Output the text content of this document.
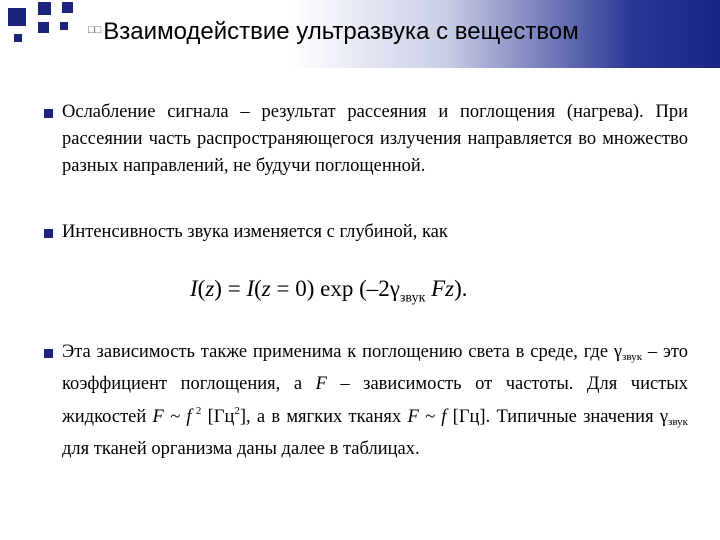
□□Взаимодействие ультразвука с веществом
Ослабление сигнала – результат рассеяния и поглощения (нагрева). При рассеянии часть распространяющегося излучения направляется во множество разных направлений, не будучи поглощенной.
Интенсивность звука изменяется с глубиной, как
I(z) = I(z = 0) $\exp (-2\gamma_{звук}$ Fz).
Эта зависимость также применима к поглощению света в среде, где $\gamma_{звук}$ – это коэффициент поглощения, а F – зависимость от частоты. Для чистых жидкостей F ~ f $^2$ $[Гц^2]$, а в мягких тканях F ~ f [Гц]. Типичные значения $\gamma_{звук}$ для тканей организма даны далее в таблицах.
